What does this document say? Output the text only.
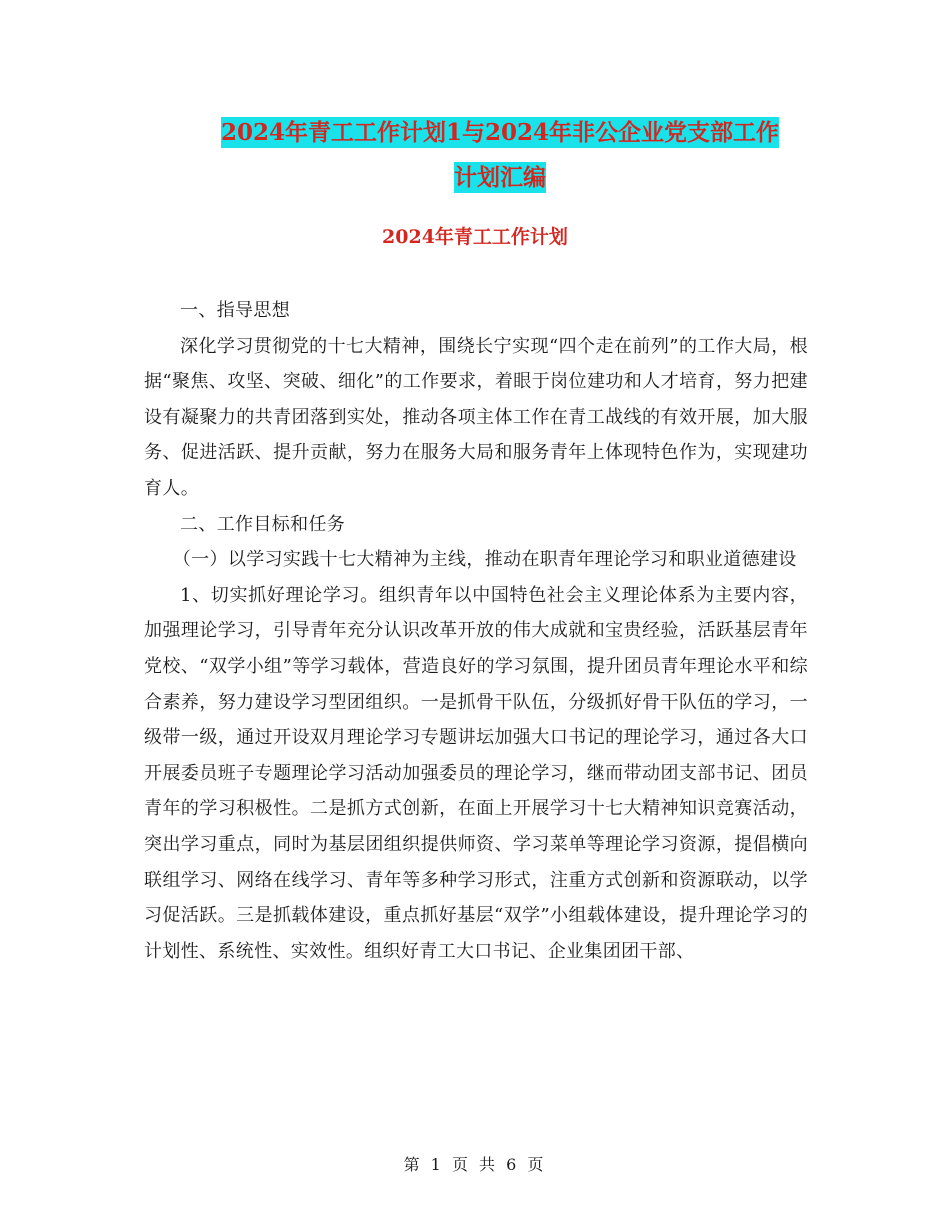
2024年青工工作计划1与2024年非公企业党支部工作
计划汇编
2024年青工工作计划

一、指导思想

深化学习贯彻党的十七大精神，围绕长宁实现“四个走在前列”的工作大局，根据“聚焦、攻坚、突破、细化”的工作要求，着眼于岗位建功和人才培育，努力把建设有凝聚力的共青团落到实处，推动各项主体工作在青工战线的有效开展，加大服务、促进活跃、提升贡献，努力在服务大局和服务青年上体现特色作为，实现建功育人。

二、工作目标和任务

（一）以学习实践十七大精神为主线，推动在职青年理论学习和职业道德建设

1、切实抓好理论学习。组织青年以中国特色社会主义理论体系为主要内容，加强理论学习，引导青年充分认识改革开放的伟大成就和宝贵经验，活跃基层青年党校、“双学小组”等学习载体，营造良好的学习氛围，提升团员青年理论水平和综合素养，努力建设学习型团组织。一是抓骨干队伍，分级抓好骨干队伍的学习，一级带一级，通过开设双月理论学习专题讲坛加强大口书记的理论学习，通过各大口开展委员班子专题理论学习活动加强委员的理论学习，继而带动团支部书记、团员青年的学习积极性。二是抓方式创新，在面上开展学习十七大精神知识竞赛活动，突出学习重点，同时为基层团组织提供师资、学习菜单等理论学习资源，提倡横向联组学习、网络在线学习、青年等多种学习形式，注重方式创新和资源联动，以学习促活跃。三是抓载体建设，重点抓好基层“双学”小组载体建设，提升理论学习的计划性、系统性、实效性。组织好青工大口书记、企业集团团干部、

第 1 页 共 6 页
